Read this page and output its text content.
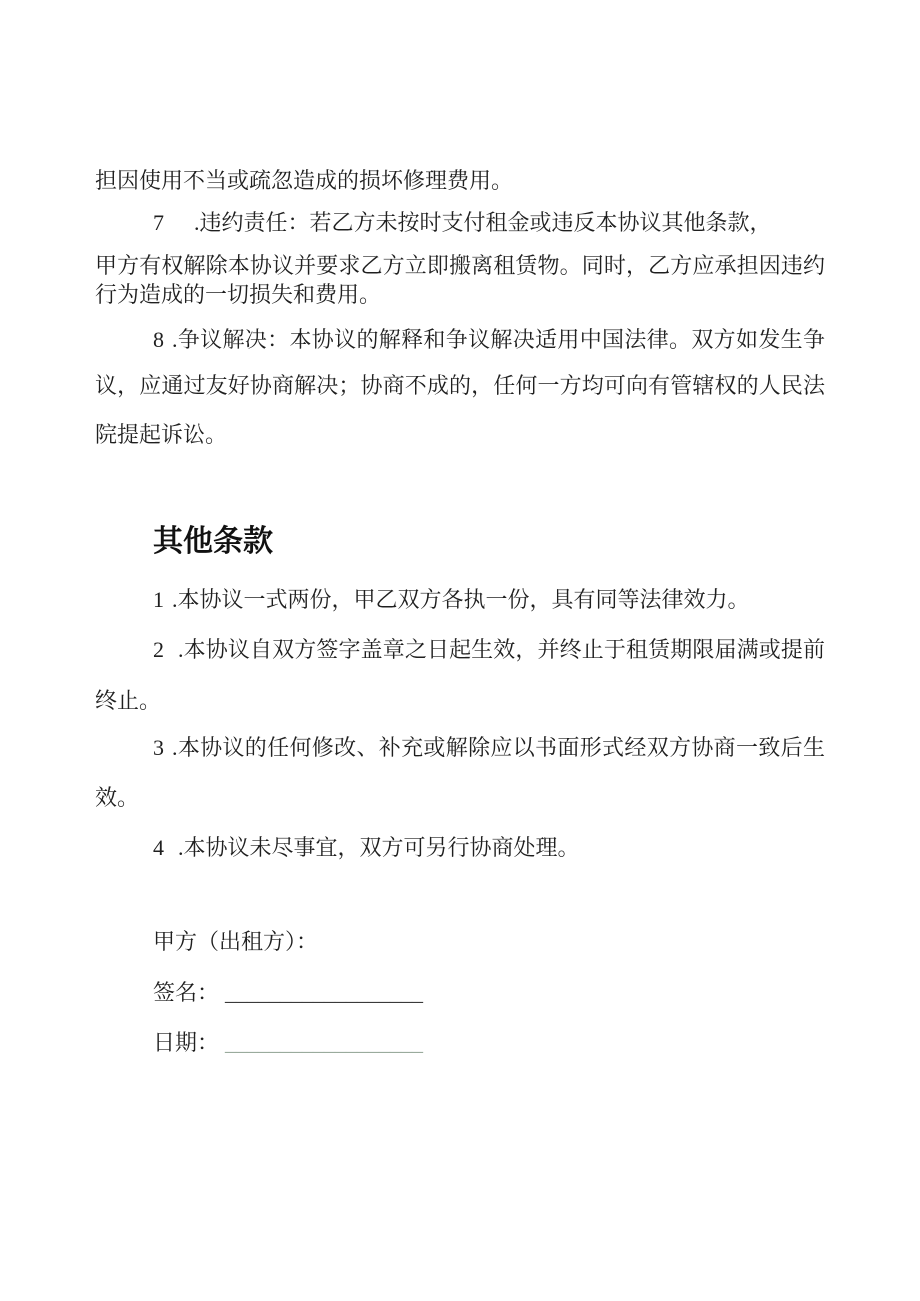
担因使用不当或疏忽造成的损坏修理费用。
7 .违约责任：若乙方未按时支付租金或违反本协议其他条款，
甲方有权解除本协议并要求乙方立即搬离租赁物。同时，乙方应承担因违约
行为造成的一切损失和费用。
8 .争议解决：本协议的解释和争议解决适用中国法律。双方如发生争
议，应通过友好协商解决；协商不成的，任何一方均可向有管辖权的人民法
院提起诉讼。
其他条款
1 .本协议一式两份，甲乙双方各执一份，具有同等法律效力。
2 .本协议自双方签字盖章之日起生效，并终止于租赁期限届满或提前
终止。
3 .本协议的任何修改、补充或解除应以书面形式经双方协商一致后生
效。
4 .本协议未尽事宜，双方可另行协商处理。
甲方（出租方）：
签名： __________________
日期： __________________
